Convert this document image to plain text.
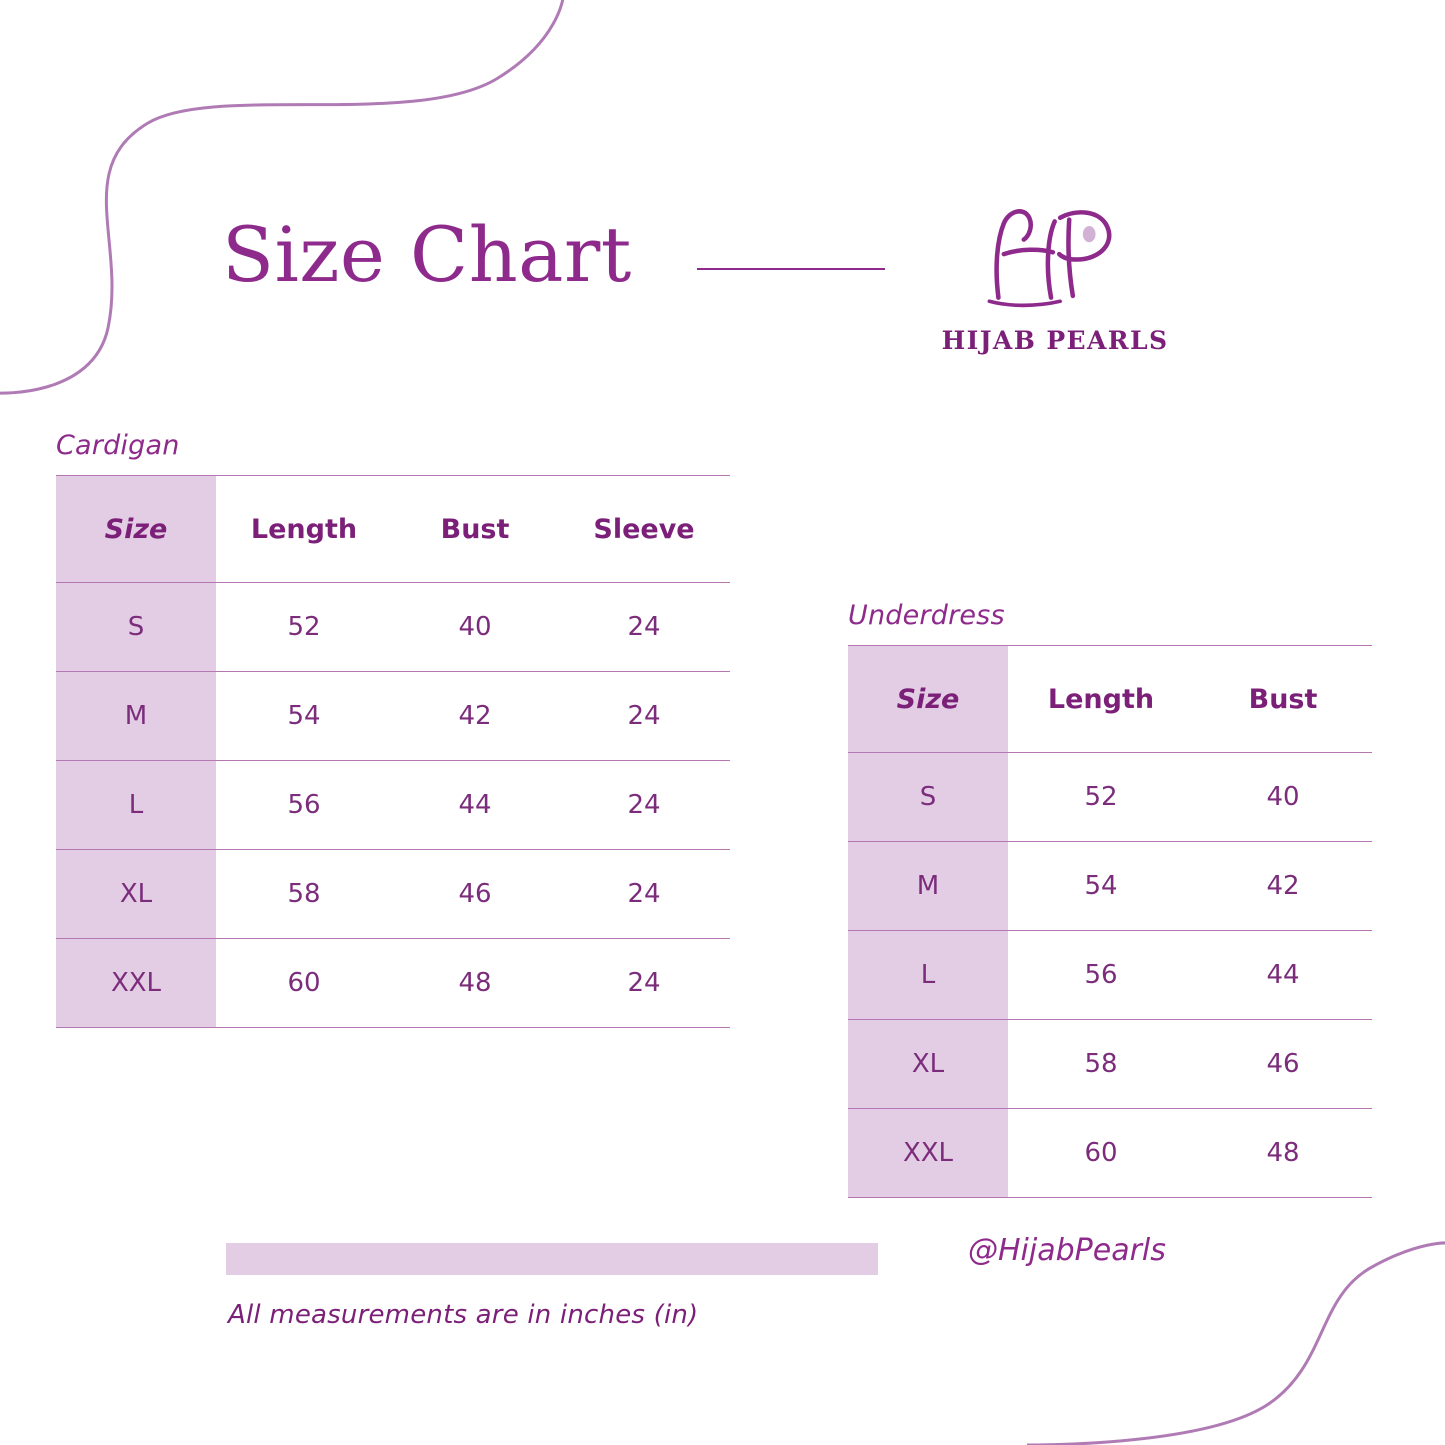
Size Chart
HIJAB PEARLS
Cardigan
Size	Length	Bust	Sleeve
S	52	40	24
M	54	42	24
L	56	44	24
XL	58	46	24
XXL	60	48	24
Underdress
Size	Length	Bust
S	52	40
M	54	42
L	56	44
XL	58	46
XXL	60	48
All measurements are in inches (in)
@HijabPearls
